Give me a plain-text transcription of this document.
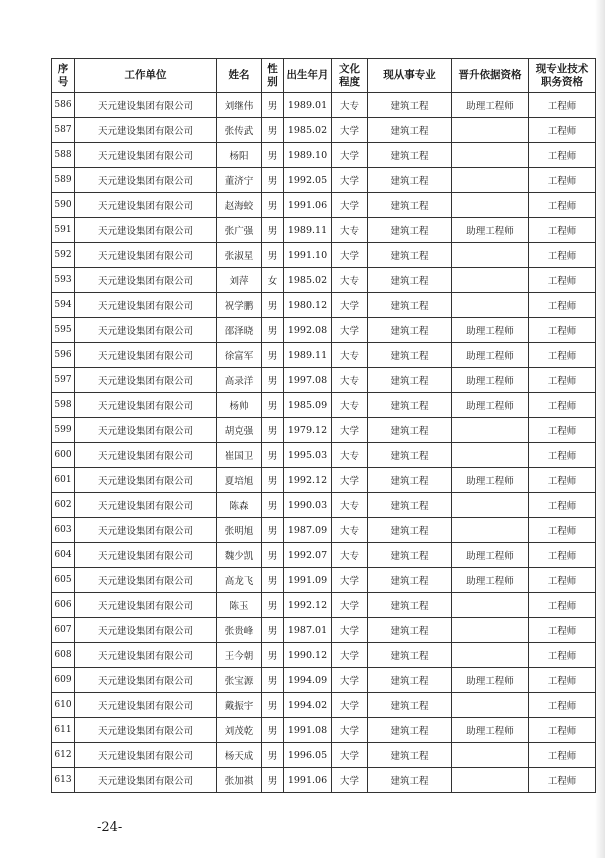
序号	工作单位	姓名	性别	出生年月	文化程度	现从事专业	晋升依据资格	现专业技术职务资格
586	天元建设集团有限公司	刘继伟	男	1989.01	大专	建筑工程	助理工程师	工程师
587	天元建设集团有限公司	张传武	男	1985.02	大学	建筑工程		工程师
588	天元建设集团有限公司	杨阳	男	1989.10	大学	建筑工程		工程师
589	天元建设集团有限公司	董济宁	男	1992.05	大学	建筑工程		工程师
590	天元建设集团有限公司	赵海蛟	男	1991.06	大学	建筑工程		工程师
591	天元建设集团有限公司	张广强	男	1989.11	大专	建筑工程	助理工程师	工程师
592	天元建设集团有限公司	张淑星	男	1991.10	大学	建筑工程		工程师
593	天元建设集团有限公司	刘萍	女	1985.02	大专	建筑工程		工程师
594	天元建设集团有限公司	祝学鹏	男	1980.12	大学	建筑工程		工程师
595	天元建设集团有限公司	邵泽晓	男	1992.08	大学	建筑工程	助理工程师	工程师
596	天元建设集团有限公司	徐富军	男	1989.11	大专	建筑工程	助理工程师	工程师
597	天元建设集团有限公司	高录洋	男	1997.08	大专	建筑工程	助理工程师	工程师
598	天元建设集团有限公司	杨帅	男	1985.09	大专	建筑工程	助理工程师	工程师
599	天元建设集团有限公司	胡克强	男	1979.12	大学	建筑工程		工程师
600	天元建设集团有限公司	崔国卫	男	1995.03	大专	建筑工程		工程师
601	天元建设集团有限公司	夏培旭	男	1992.12	大学	建筑工程	助理工程师	工程师
602	天元建设集团有限公司	陈森	男	1990.03	大专	建筑工程		工程师
603	天元建设集团有限公司	张明旭	男	1987.09	大专	建筑工程		工程师
604	天元建设集团有限公司	魏少凯	男	1992.07	大专	建筑工程	助理工程师	工程师
605	天元建设集团有限公司	高龙飞	男	1991.09	大学	建筑工程	助理工程师	工程师
606	天元建设集团有限公司	陈玉	男	1992.12	大学	建筑工程		工程师
607	天元建设集团有限公司	张贵峰	男	1987.01	大学	建筑工程		工程师
608	天元建设集团有限公司	王今朝	男	1990.12	大学	建筑工程		工程师
609	天元建设集团有限公司	张宝源	男	1994.09	大学	建筑工程	助理工程师	工程师
610	天元建设集团有限公司	戴振宇	男	1994.02	大学	建筑工程		工程师
611	天元建设集团有限公司	刘茂乾	男	1991.08	大学	建筑工程	助理工程师	工程师
612	天元建设集团有限公司	杨天成	男	1996.05	大学	建筑工程		工程师
613	天元建设集团有限公司	张加祺	男	1991.06	大学	建筑工程		工程师
-24-
